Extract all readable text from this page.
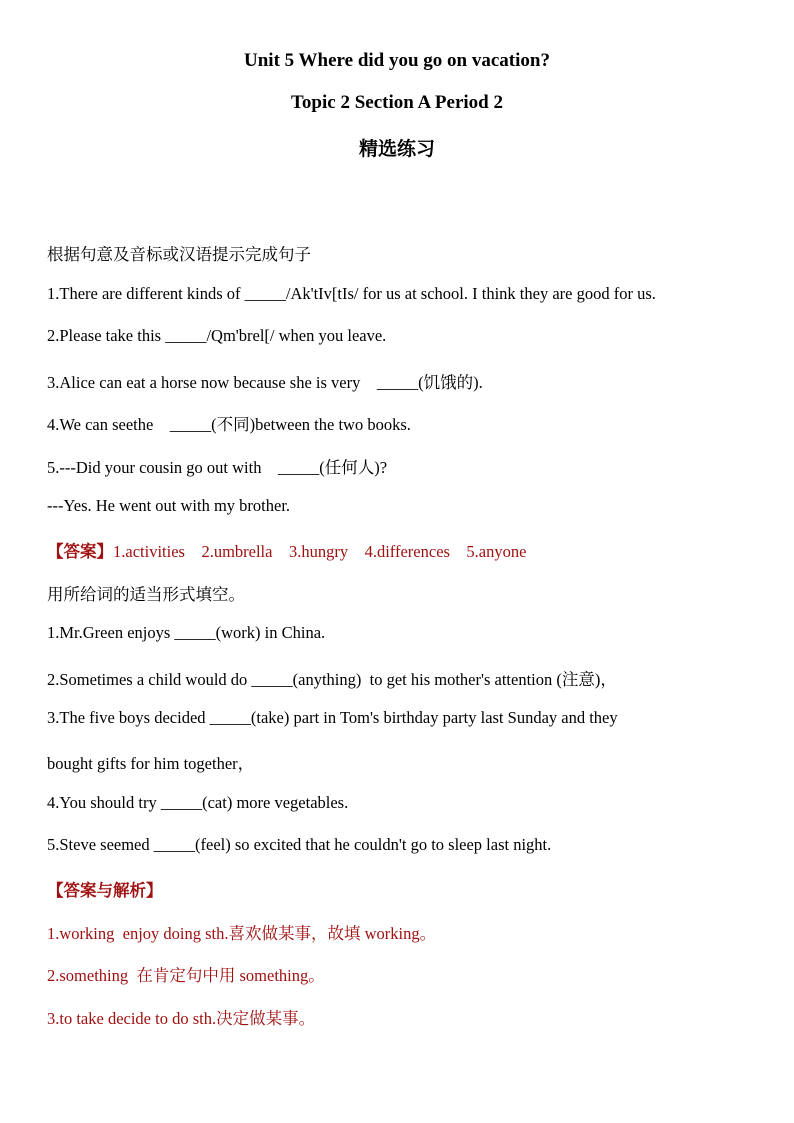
Unit 5 Where did you go on vacation?
Topic 2 Section A Period 2
精选练习
根据句意及音标或汉语提示完成句子
1.There are different kinds of _____/Ak'tIv[tIs/ for us at school. I think they are good for us.
2.Please take this _____/Qm'brel[/ when you leave.
3.Alice can eat a horse now because she is very    _____(饥饿的).
4.We can seethe    _____(不同)between the two books.
5.---Did your cousin go out with    _____(任何人)?
---Yes. He went out with my brother.
【答案】1.activities    2.umbrella    3.hungry    4.differences    5.anyone
用所给词的适当形式填空。
1.Mr.Green enjoys _____(work) in China.
2.Sometimes a child would do _____(anything)  to get his mother's attention (注意)，
3.The five boys decided _____(take) part in Tom's birthday party last Sunday and they
bought gifts for him together，
4.You should try _____(cat) more vegetables.
5.Steve seemed _____(feel) so excited that he couldn't go to sleep last night.
【答案与解析】
1.working  enjoy doing sth.喜欢做某事，故填 working。
2.something  在肯定句中用 something。
3.to take decide to do sth.决定做某事。
